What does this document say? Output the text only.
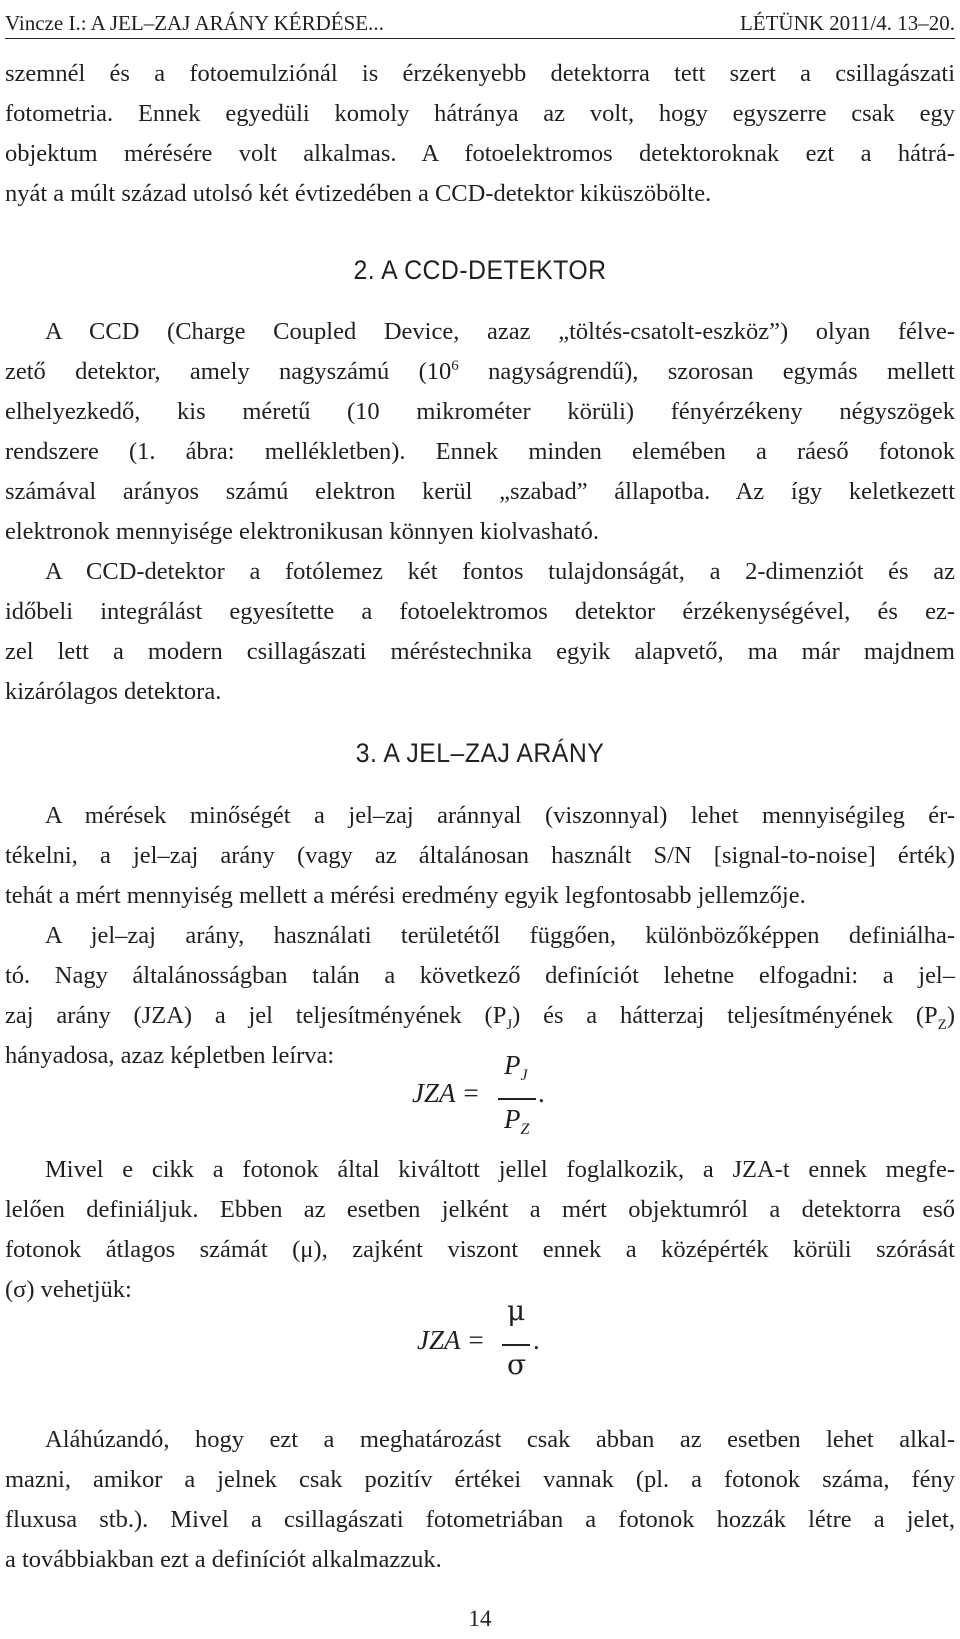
Vincze I.: A JEL–ZAJ ARÁNY KÉRDÉSE...	LÉTÜNK 2011/4. 13–20.
szemnél és a fotoemulziónál is érzékenyebb detektorra tett szert a csillagászati
fotometria. Ennek egyedüli komoly hátránya az volt, hogy egyszerre csak egy
objektum mérésére volt alkalmas. A fotoelektromos detektoroknak ezt a hátrá-
nyát a múlt század utolsó két évtizedében a CCD-detektor kiküszöbölte.
2. A CCD-DETEKTOR
A CCD (Charge Coupled Device, azaz „töltés-csatolt-eszköz”) olyan félve-
zető detektor, amely nagyszámú ($10^6$ nagyságrendű), szorosan egymás mellett
elhelyezkedő, kis méretű (10 mikrométer körüli) fényérzékeny négyszögek
rendszere (1. ábra: mellékletben). Ennek minden elemében a ráeső fotonok
számával arányos számú elektron kerül „szabad” állapotba. Az így keletkezett
elektronok mennyisége elektronikusan könnyen kiolvasható.
A CCD-detektor a fotólemez két fontos tulajdonságát, a 2-dimenziót és az
időbeli integrálást egyesítette a fotoelektromos detektor érzékenységével, és ez-
zel lett a modern csillagászati méréstechnika egyik alapvető, ma már majdnem
kizárólagos detektora.
3. A JEL–ZAJ ARÁNY
A mérések minőségét a jel–zaj aránnyal (viszonnyal) lehet mennyiségileg ér-
tékelni, a jel–zaj arány (vagy az általánosan használt S/N [signal-to-noise] érték)
tehát a mért mennyiség mellett a mérési eredmény egyik legfontosabb jellemzője.
A jel–zaj arány, használati területétől függően, különbözőképpen definiálha-
tó. Nagy általánosságban talán a következő definíciót lehetne elfogadni: a jel–
zaj arány (JZA) a jel teljesítményének $(P_J)$ és a hátterzaj teljesítményének $(P_Z)$
hányadosa, azaz képletben leírva:
JZA =
$P_J$
$P_Z$
.
Mivel e cikk a fotonok által kiváltott jellel foglalkozik, a JZA-t ennek megfe-
lelően definiáljuk. Ebben az esetben jelként a mért objektumról a detektorra eső
fotonok átlagos számát (μ), zajként viszont ennek a középérték körüli szórását
(σ) vehetjük:
JZA =
μ
σ
.
Aláhúzandó, hogy ezt a meghatározást csak abban az esetben lehet alkal-
mazni, amikor a jelnek csak pozitív értékei vannak (pl. a fotonok száma, fény
fluxusa stb.). Mivel a csillagászati fotometriában a fotonok hozzák létre a jelet,
a továbbiakban ezt a definíciót alkalmazzuk.
14
